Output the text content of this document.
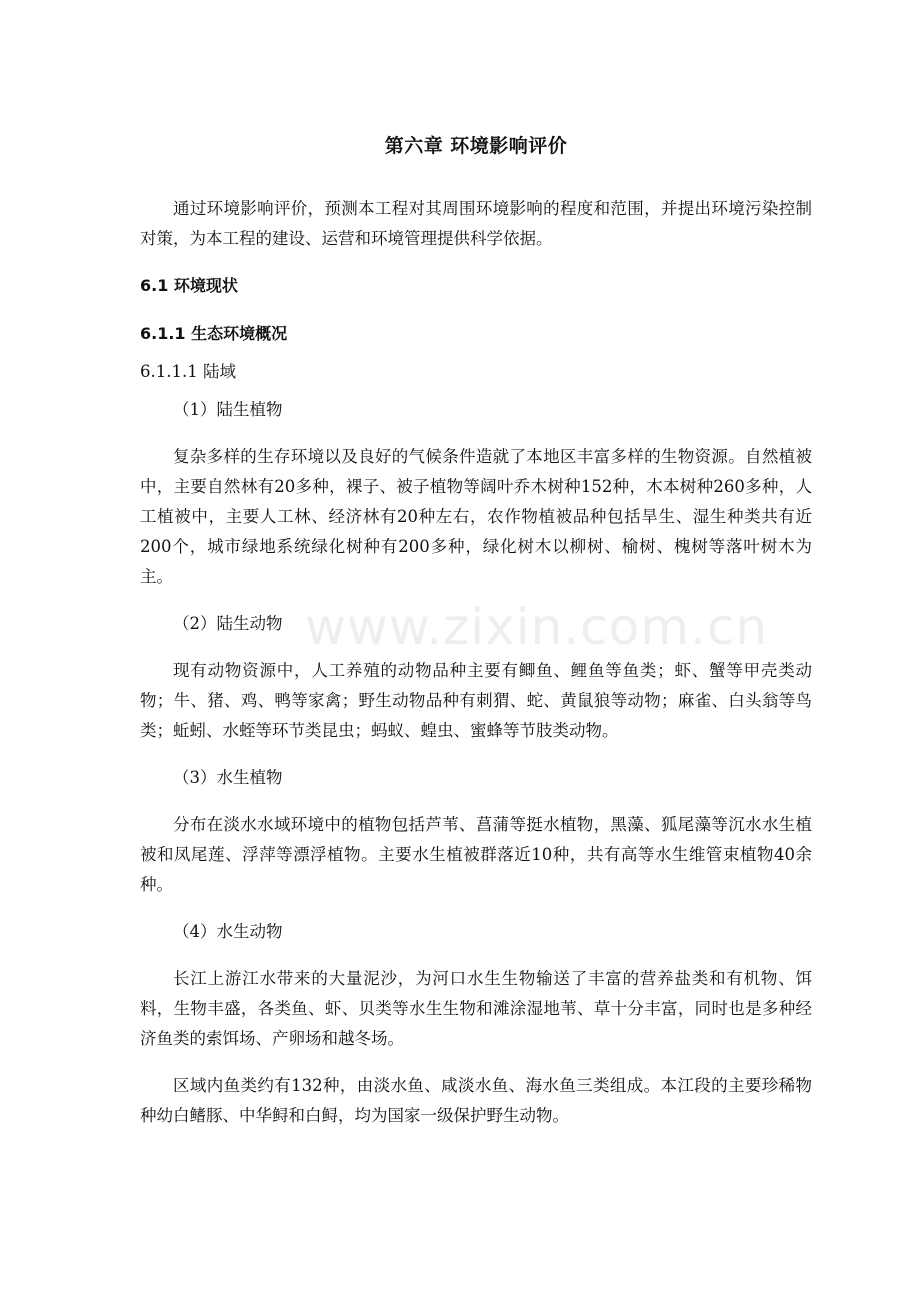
第六章 环境影响评价

通过环境影响评价，预测本工程对其周围环境影响的程度和范围，并提出环境污染控制对策，为本工程的建设、运营和环境管理提供科学依据。

6.1 环境现状
6.1.1 生态环境概况
6.1.1.1 陆域
（1）陆生植物

复杂多样的生存环境以及良好的气候条件造就了本地区丰富多样的生物资源。自然植被中，主要自然林有20多种，裸子、被子植物等阔叶乔木树种152种，木本树种260多种，人工植被中，主要人工林、经济林有20种左右，农作物植被品种包括旱生、湿生种类共有近200个，城市绿地系统绿化树种有200多种，绿化树木以柳树、榆树、槐树等落叶树木为主。

（2）陆生动物

现有动物资源中，人工养殖的动物品种主要有鲫鱼、鲤鱼等鱼类；虾、蟹等甲壳类动物；牛、猪、鸡、鸭等家禽；野生动物品种有刺猬、蛇、黄鼠狼等动物；麻雀、白头翁等鸟类；蚯蚓、水蛭等环节类昆虫；蚂蚁、蝗虫、蜜蜂等节肢类动物。

（3）水生植物

分布在淡水水域环境中的植物包括芦苇、菖蒲等挺水植物，黑藻、狐尾藻等沉水水生植被和凤尾莲、浮萍等漂浮植物。主要水生植被群落近10种，共有高等水生维管束植物40余种。

（4）水生动物

长江上游江水带来的大量泥沙，为河口水生生物输送了丰富的营养盐类和有机物、饵料，生物丰盛，各类鱼、虾、贝类等水生生物和滩涂湿地苇、草十分丰富，同时也是多种经济鱼类的索饵场、产卵场和越冬场。

区域内鱼类约有132种，由淡水鱼、咸淡水鱼、海水鱼三类组成。本江段的主要珍稀物种幼白鳍豚、中华鲟和白鲟，均为国家一级保护野生动物。

www.zixin.com.cn
